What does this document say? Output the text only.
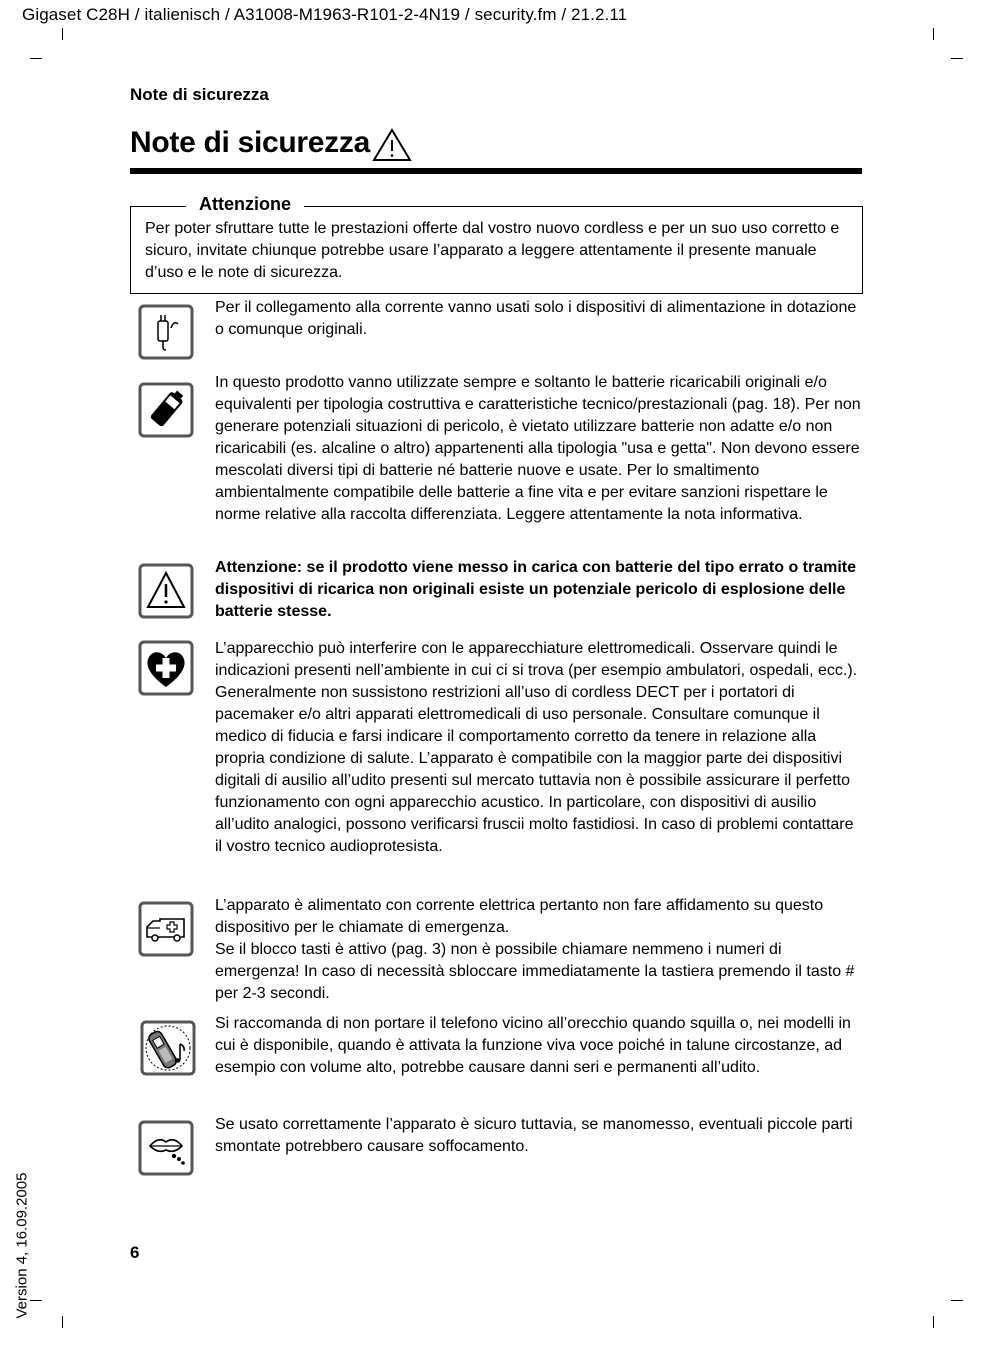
Gigaset C28H / italienisch / A31008-M1963-R101-2-4N19 / security.fm / 21.2.11
Note di sicurezza
Note di sicurezza
Attenzione
Per poter sfruttare tutte le prestazioni offerte dal vostro nuovo cordless e per un suo uso corretto e sicuro, invitate chiunque potrebbe usare l’apparato a leggere attentamente il presente manuale d’uso e le note di sicurezza.
Per il collegamento alla corrente vanno usati solo i dispositivi di alimentazione in dotazione o comunque originali.
In questo prodotto vanno utilizzate sempre e soltanto le batterie ricaricabili originali e/o equivalenti per tipologia costruttiva e caratteristiche tecnico/prestazionali (pag. 18). Per non generare potenziali situazioni di pericolo, è vietato utilizzare batterie non adatte e/o non ricaricabili (es. alcaline o altro) appartenenti alla tipologia "usa e getta". Non devono essere mescolati diversi tipi di batterie né batterie nuove e usate. Per lo smaltimento ambientalmente compatibile delle batterie a fine vita e per evitare sanzioni rispettare le norme relative alla raccolta differenziata. Leggere attentamente la nota informativa.
Attenzione: se il prodotto viene messo in carica con batterie del tipo errato o tramite dispositivi di ricarica non originali esiste un potenziale pericolo di esplosione delle batterie stesse.
L’apparecchio può interferire con le apparecchiature elettromedicali. Osservare quindi le indicazioni presenti nell’ambiente in cui ci si trova (per esempio ambulatori, ospedali, ecc.). Generalmente non sussistono restrizioni all’uso di cordless DECT per i portatori di pacemaker e/o altri apparati elettromedicali di uso personale. Consultare comunque il medico di fiducia e farsi indicare il comportamento corretto da tenere in relazione alla propria condizione di salute. L’apparato è compatibile con la maggior parte dei dispositivi digitali di ausilio all’udito presenti sul mercato tuttavia non è possibile assicurare il perfetto funzionamento con ogni apparecchio acustico. In particolare, con dispositivi di ausilio all’udito analogici, possono verificarsi fruscii molto fastidiosi. In caso di problemi contattare il vostro tecnico audioprotesista.
L’apparato è alimentato con corrente elettrica pertanto non fare affidamento su questo dispositivo per le chiamate di emergenza.
Se il blocco tasti è attivo (pag. 3) non è possibile chiamare nemmeno i numeri di emergenza! In caso di necessità sbloccare immediatamente la tastiera premendo il tasto # per 2-3 secondi.
Si raccomanda di non portare il telefono vicino all’orecchio quando squilla o, nei modelli in cui è disponibile, quando è attivata la funzione viva voce poiché in talune circostanze, ad esempio con volume alto, potrebbe causare danni seri e permanenti all’udito.
Se usato correttamente l’apparato è sicuro tuttavia, se manomesso, eventuali piccole parti smontate potrebbero causare soffocamento.
6
Version 4, 16.09.2005
